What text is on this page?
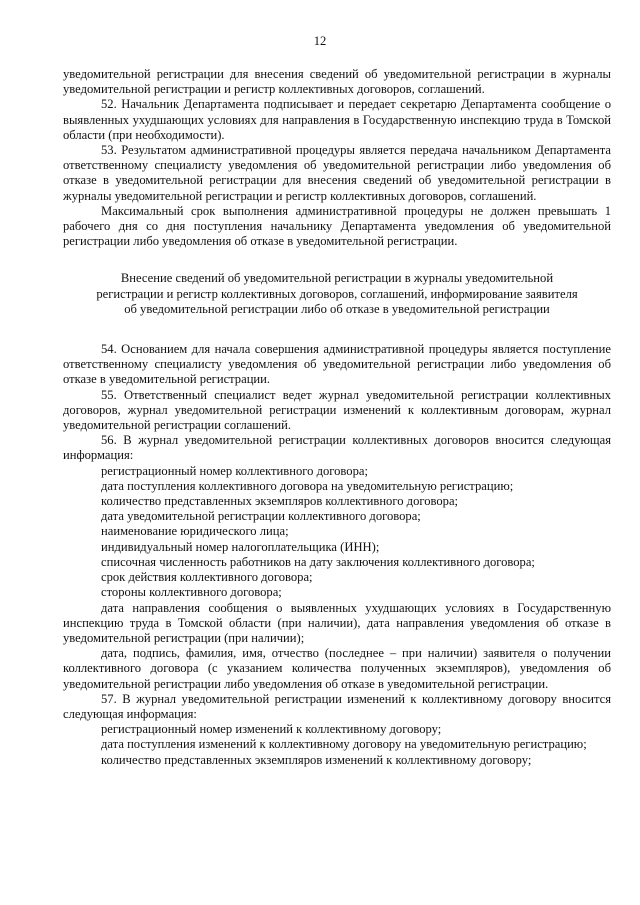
12

уведомительной регистрации для внесения сведений об уведомительной регистрации в журналы уведомительной регистрации и регистр коллективных договоров, соглашений.

52. Начальник Департамента подписывает и передает секретарю Департамента сообщение о выявленных ухудшающих условиях для направления в Государственную инспекцию труда в Томской области (при необходимости).

53. Результатом административной процедуры является передача начальником Департамента ответственному специалисту уведомления об уведомительной регистрации либо уведомления об отказе в уведомительной регистрации для внесения сведений об уведомительной регистрации в журналы уведомительной регистрации и регистр коллективных договоров, соглашений.

Максимальный срок выполнения административной процедуры не должен превышать 1 рабочего дня со дня поступления начальнику Департамента уведомления об уведомительной регистрации либо уведомления об отказе в уведомительной регистрации.

Внесение сведений об уведомительной регистрации в журналы уведомительной
регистрации и регистр коллективных договоров, соглашений, информирование заявителя
об уведомительной регистрации либо об отказе в уведомительной регистрации

54. Основанием для начала совершения административной процедуры является поступление ответственному специалисту уведомления об уведомительной регистрации либо уведомления об отказе в уведомительной регистрации.

55. Ответственный специалист ведет журнал уведомительной регистрации коллективных договоров, журнал уведомительной регистрации изменений к коллективным договорам, журнал уведомительной регистрации соглашений.

56. В журнал уведомительной регистрации коллективных договоров вносится следующая информация:

регистрационный номер коллективного договора;

дата поступления коллективного договора на уведомительную регистрацию;

количество представленных экземпляров коллективного договора;

дата уведомительной регистрации коллективного договора;

наименование юридического лица;

индивидуальный номер налогоплательщика (ИНН);

списочная численность работников на дату заключения коллективного договора;

срок действия коллективного договора;

стороны коллективного договора;

дата направления сообщения о выявленных ухудшающих условиях в Государственную инспекцию труда в Томской области (при наличии), дата направления уведомления об отказе в уведомительной регистрации (при наличии);

дата, подпись, фамилия, имя, отчество (последнее – при наличии) заявителя о получении коллективного договора (с указанием количества полученных экземпляров), уведомления об уведомительной регистрации либо уведомления об отказе в уведомительной регистрации.

57. В журнал уведомительной регистрации изменений к коллективному договору вносится следующая информация:

регистрационный номер изменений к коллективному договору;

дата поступления изменений к коллективному договору на уведомительную регистрацию;

количество представленных экземпляров изменений к коллективному договору;
